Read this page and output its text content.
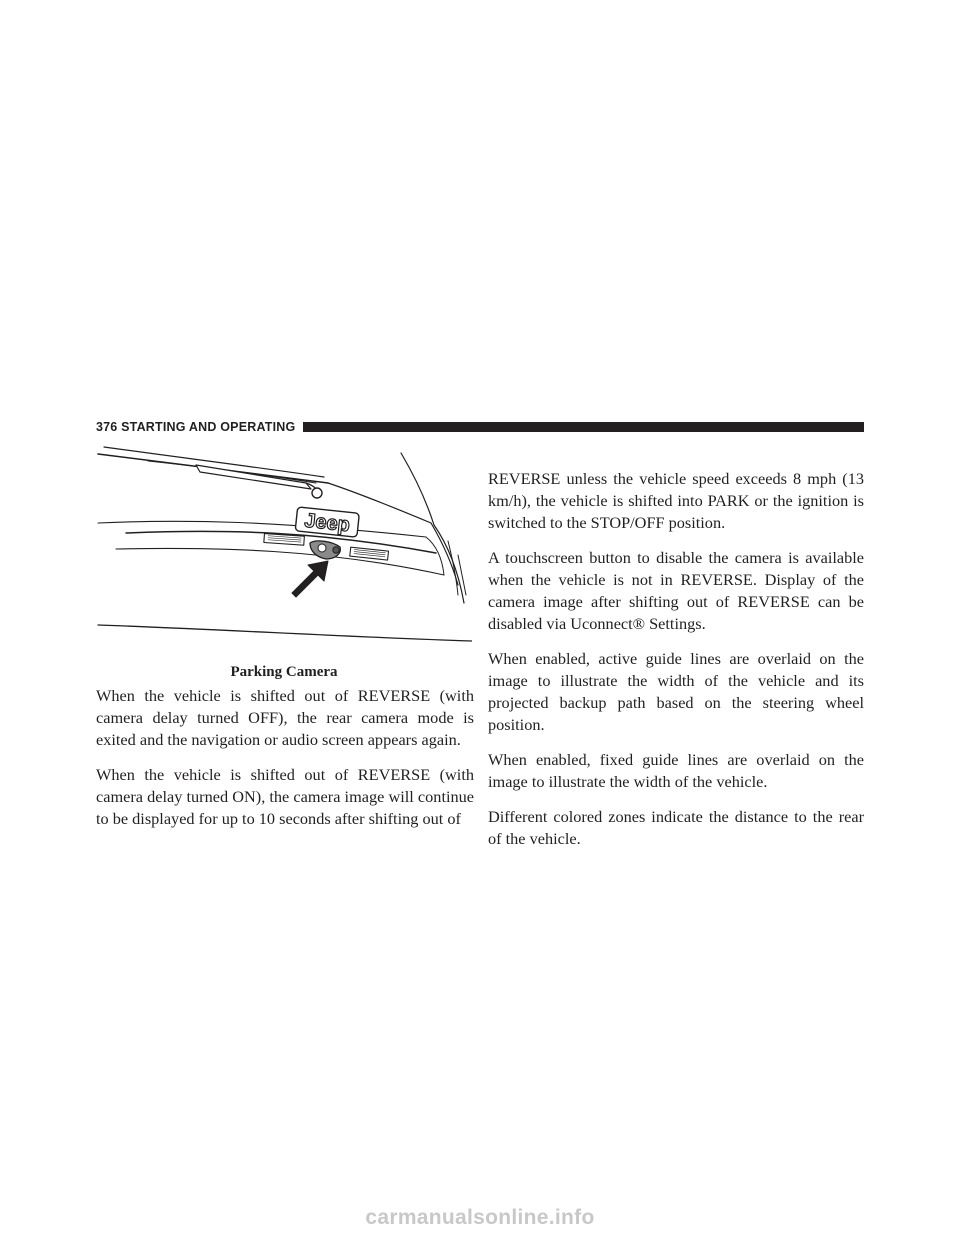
376 STARTING AND OPERATING
Jeep
Parking Camera

When the vehicle is shifted out of REVERSE (with camera delay turned OFF), the rear camera mode is exited and the navigation or audio screen appears again.

When the vehicle is shifted out of REVERSE (with camera delay turned ON), the camera image will continue to be displayed for up to 10 seconds after shifting out of

REVERSE unless the vehicle speed exceeds 8 mph (13 km/h), the vehicle is shifted into PARK or the ignition is switched to the STOP/OFF position.

A touchscreen button to disable the camera is available when the vehicle is not in REVERSE. Display of the camera image after shifting out of REVERSE can be disabled via Uconnect® Settings.

When enabled, active guide lines are overlaid on the image to illustrate the width of the vehicle and its projected backup path based on the steering wheel position.

When enabled, fixed guide lines are overlaid on the image to illustrate the width of the vehicle.

Different colored zones indicate the distance to the rear of the vehicle.

carmanualsonline.info
